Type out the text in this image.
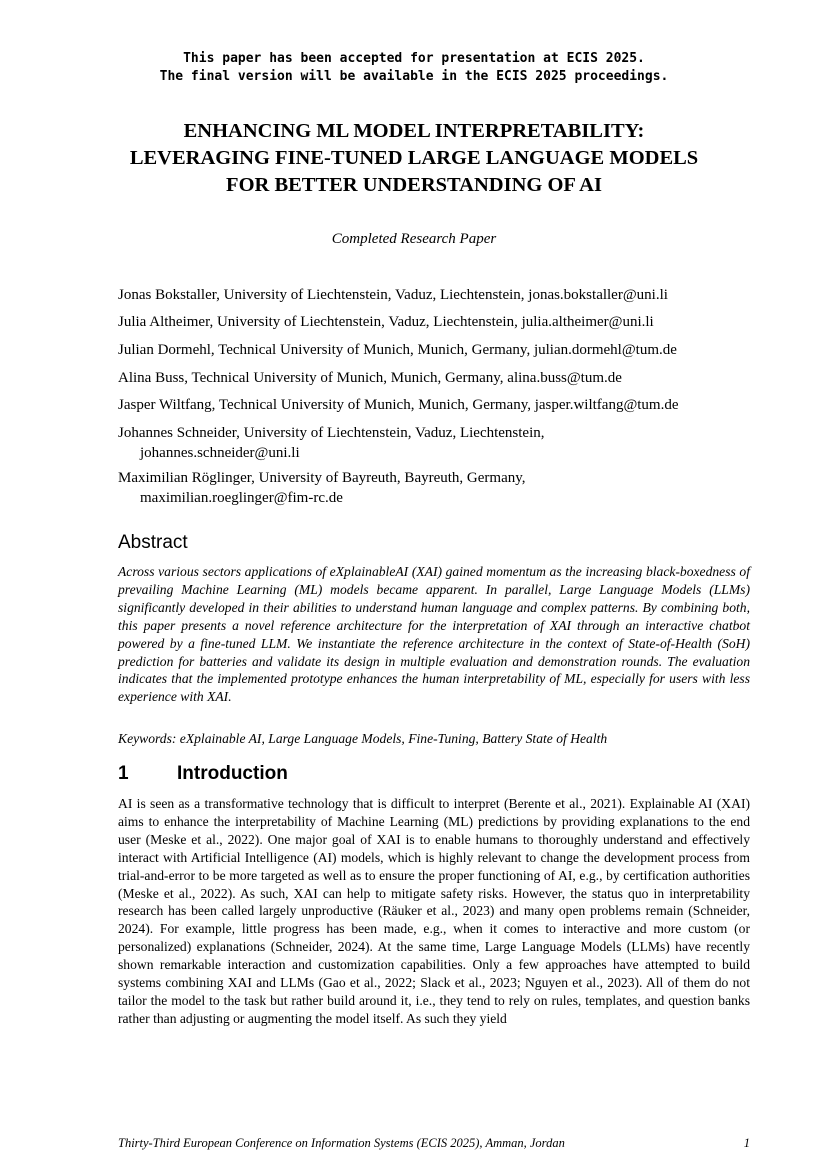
This paper has been accepted for presentation at ECIS 2025.
The final version will be available in the ECIS 2025 proceedings.
ENHANCING ML MODEL INTERPRETABILITY:
LEVERAGING FINE-TUNED LARGE LANGUAGE MODELS
FOR BETTER UNDERSTANDING OF AI
Completed Research Paper
Jonas Bokstaller, University of Liechtenstein, Vaduz, Liechtenstein, jonas.bokstaller@uni.li
Julia Altheimer, University of Liechtenstein, Vaduz, Liechtenstein, julia.altheimer@uni.li
Julian Dormehl, Technical University of Munich, Munich, Germany, julian.dormehl@tum.de
Alina Buss, Technical University of Munich, Munich, Germany, alina.buss@tum.de
Jasper Wiltfang, Technical University of Munich, Munich, Germany, jasper.wiltfang@tum.de
Johannes Schneider, University of Liechtenstein, Vaduz, Liechtenstein,
johannes.schneider@uni.li
Maximilian Röglinger, University of Bayreuth, Bayreuth, Germany,
maximilian.roeglinger@fim-rc.de
Abstract
Across various sectors applications of eXplainableAI (XAI) gained momentum as the increasing black-boxedness of prevailing Machine Learning (ML) models became apparent. In parallel, Large Language Models (LLMs) significantly developed in their abilities to understand human language and complex patterns. By combining both, this paper presents a novel reference architecture for the interpretation of XAI through an interactive chatbot powered by a fine-tuned LLM. We instantiate the reference architecture in the context of State-of-Health (SoH) prediction for batteries and validate its design in multiple evaluation and demonstration rounds. The evaluation indicates that the implemented prototype enhances the human interpretability of ML, especially for users with less experience with XAI.
Keywords: eXplainable AI, Large Language Models, Fine-Tuning, Battery State of Health
1	Introduction
AI is seen as a transformative technology that is difficult to interpret (Berente et al., 2021). Explainable AI (XAI) aims to enhance the interpretability of Machine Learning (ML) predictions by providing explanations to the end user (Meske et al., 2022). One major goal of XAI is to enable humans to thoroughly understand and effectively interact with Artificial Intelligence (AI) models, which is highly relevant to change the development process from trial-and-error to be more targeted as well as to ensure the proper functioning of AI, e.g., by certification authorities (Meske et al., 2022). As such, XAI can help to mitigate safety risks. However, the status quo in interpretability research has been called largely unproductive (Räuker et al., 2023) and many open problems remain (Schneider, 2024). For example, little progress has been made, e.g., when it comes to interactive and more custom (or personalized) explanations (Schneider, 2024). At the same time, Large Language Models (LLMs) have recently shown remarkable interaction and customization capabilities. Only a few approaches have attempted to build systems combining XAI and LLMs (Gao et al., 2022; Slack et al., 2023; Nguyen et al., 2023). All of them do not tailor the model to the task but rather build around it, i.e., they tend to rely on rules, templates, and question banks rather than adjusting or augmenting the model itself. As such they yield
Thirty-Third European Conference on Information Systems (ECIS 2025), Amman, Jordan	1
